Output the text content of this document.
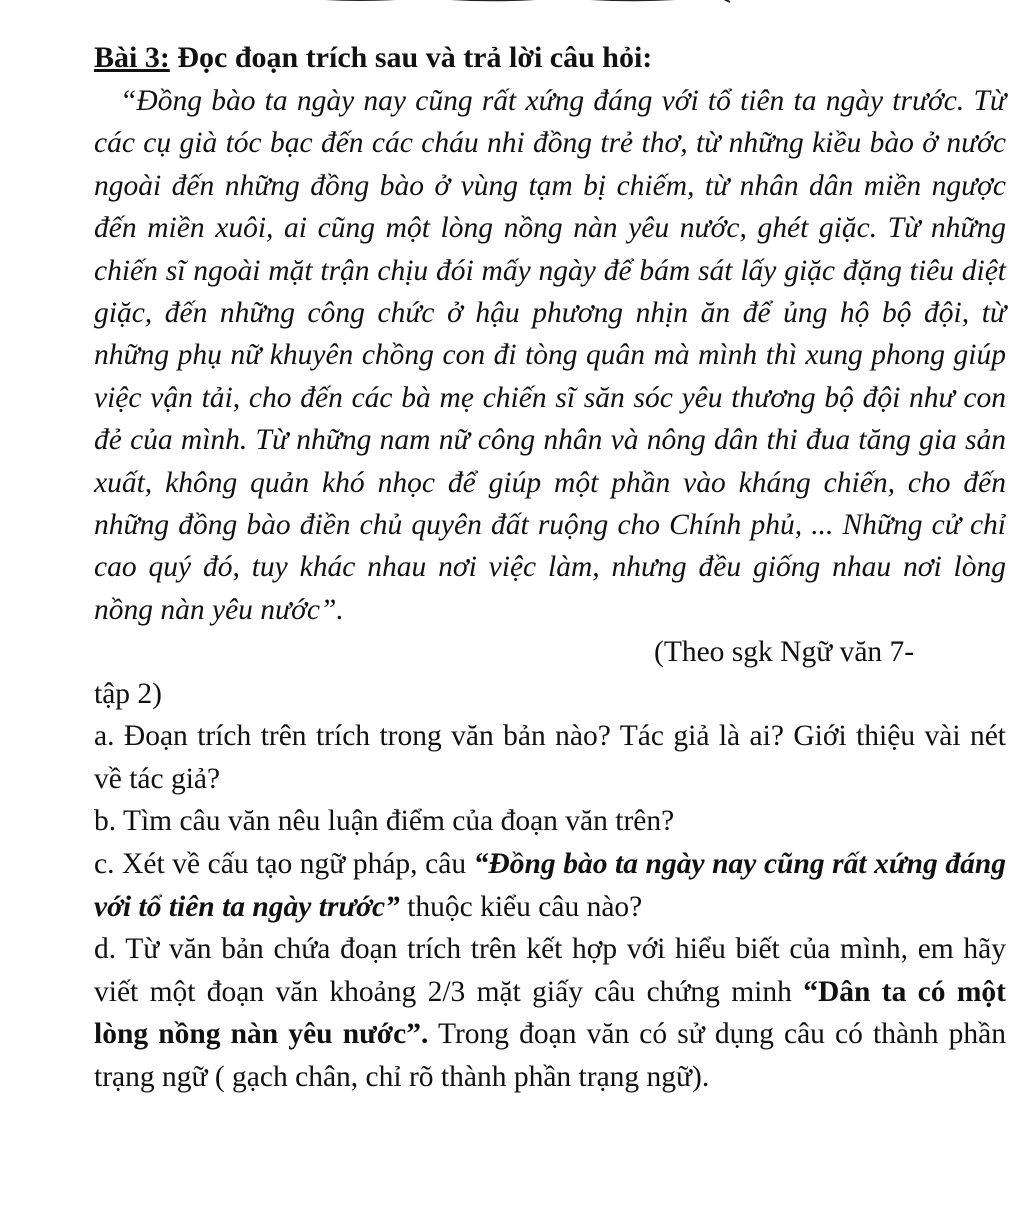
Bài 3: Đọc đoạn trích sau và trả lời câu hỏi:

“Đồng bào ta ngày nay cũng rất xứng đáng với tổ tiên ta ngày trước. Từ các cụ già tóc bạc đến các cháu nhi đồng trẻ thơ, từ những kiều bào ở nước ngoài đến những đồng bào ở vùng tạm bị chiếm, từ nhân dân miền ngược đến miền xuôi, ai cũng một lòng nồng nàn yêu nước, ghét giặc. Từ những chiến sĩ ngoài mặt trận chịu đói mấy ngày để bám sát lấy giặc đặng tiêu diệt giặc, đến những công chức ở hậu phương nhịn ăn để ủng hộ bộ đội, từ những phụ nữ khuyên chồng con đi tòng quân mà mình thì xung phong giúp việc vận tải, cho đến các bà mẹ chiến sĩ săn sóc yêu thương bộ đội như con đẻ của mình. Từ những nam nữ công nhân và nông dân thi đua tăng gia sản xuất, không quản khó nhọc để giúp một phần vào kháng chiến, cho đến những đồng bào điền chủ quyên đất ruộng cho Chính phủ, ... Những cử chỉ cao quý đó, tuy khác nhau nơi việc làm, nhưng đều giống nhau nơi lòng nồng nàn yêu nước”.

(Theo sgk Ngữ văn 7-
tập 2)

a. Đoạn trích trên trích trong văn bản nào? Tác giả là ai? Giới thiệu vài nét về tác giả?

b. Tìm câu văn nêu luận điểm của đoạn văn trên?

c. Xét về cấu tạo ngữ pháp, câu “Đồng bào ta ngày nay cũng rất xứng đáng với tổ tiên ta ngày trước” thuộc kiểu câu nào?

d. Từ văn bản chứa đoạn trích trên kết hợp với hiểu biết của mình, em hãy viết một đoạn văn khoảng 2/3 mặt giấy câu chứng minh “Dân ta có một lòng nồng nàn yêu nước”. Trong đoạn văn có sử dụng câu có thành phần trạng ngữ ( gạch chân, chỉ rõ thành phần trạng ngữ).
